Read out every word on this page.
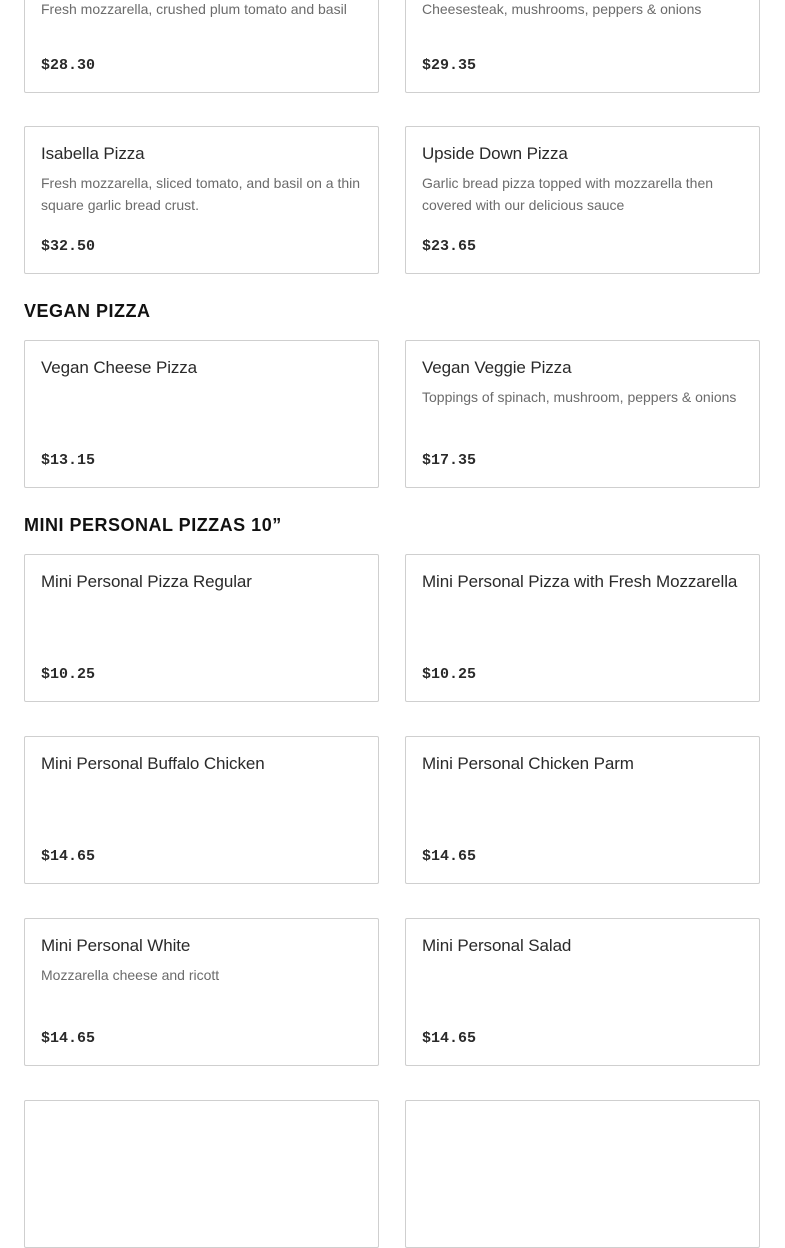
Fresh mozzarella, crushed plum tomato and basil
$28.30
Cheesesteak, mushrooms, peppers & onions
$29.35
Isabella Pizza
Fresh mozzarella, sliced tomato, and basil on a thin square garlic bread crust.
$32.50
Upside Down Pizza
Garlic bread pizza topped with mozzarella then covered with our delicious sauce
$23.65
VEGAN PIZZA
Vegan Cheese Pizza
$13.15
Vegan Veggie Pizza
Toppings of spinach, mushroom, peppers & onions
$17.35
MINI PERSONAL PIZZAS 10”
Mini Personal Pizza Regular
$10.25
Mini Personal Pizza with Fresh Mozzarella
$10.25
Mini Personal Buffalo Chicken
$14.65
Mini Personal Chicken Parm
$14.65
Mini Personal White
Mozzarella cheese and ricott
$14.65
Mini Personal Salad
$14.65
